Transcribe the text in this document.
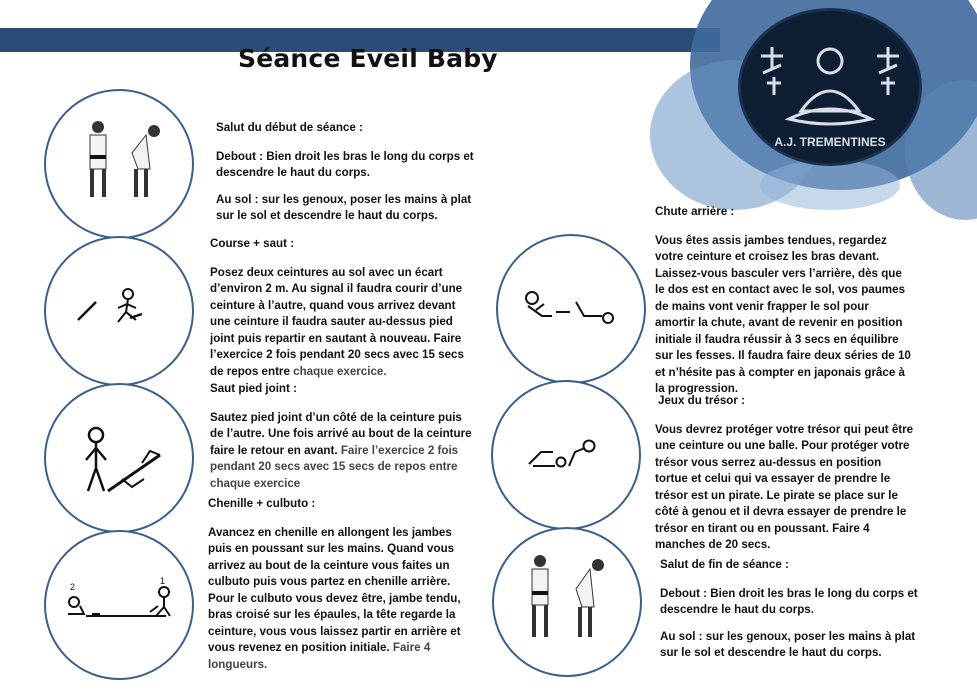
Séance Eveil Baby
A.J. TREMENTINES
2
1
Salut du début de séance :

Debout : Bien droit les bras le long du corps et descendre le haut du corps.

Au sol : sur les genoux, poser les mains à plat sur le sol et descendre le haut du corps.

Course + saut :

Posez deux ceintures au sol avec un écart d’environ 2 m. Au signal il faudra courir d’une ceinture à l’autre, quand vous arrivez devant une ceinture il faudra sauter au-dessus pied joint puis repartir en sautant à nouveau. Faire l’exercice 2 fois pendant 20 secs avec 15 secs de repos entre chaque exercice.

Saut pied joint :

Sautez pied joint d’un côté de la ceinture puis de l’autre. Une fois arrivé au bout de la ceinture faire le retour en avant. Faire l’exercice 2 fois pendant 20 secs avec 15 secs de repos entre chaque exercice

Chenille + culbuto :

Avancez en chenille en allongent les jambes puis en poussant sur les mains. Quand vous arrivez au bout de la ceinture vous faites un culbuto puis vous partez en chenille arrière. Pour le culbuto vous devez être, jambe tendu, bras croisé sur les épaules, la tête regarde la ceinture, vous vous laissez partir en arrière et vous revenez en position initiale. Faire 4 longueurs.

Chute arrière :

Vous êtes assis jambes tendues, regardez votre ceinture et croisez les bras devant. Laissez-vous basculer vers l’arrière, dès que le dos est en contact avec le sol, vos paumes de mains vont venir frapper le sol pour amortir la chute, avant de revenir en position initiale il faudra réussir à 3 secs en équilibre sur les fesses. Il faudra faire deux séries de 10 et n’hésite pas à compter en japonais grâce à la progression.

Jeux du trésor :

Vous devrez protéger votre trésor qui peut être une ceinture ou une balle. Pour protéger votre trésor vous serrez au-dessus en position tortue et celui qui va essayer de prendre le trésor est un pirate. Le pirate se place sur le côté à genou et il devra essayer de prendre le trésor en tirant ou en poussant. Faire 4 manches de 20 secs.

Salut de fin de séance :

Debout : Bien droit les bras le long du corps et descendre le haut du corps.

Au sol : sur les genoux, poser les mains à plat sur le sol et descendre le haut du corps.
